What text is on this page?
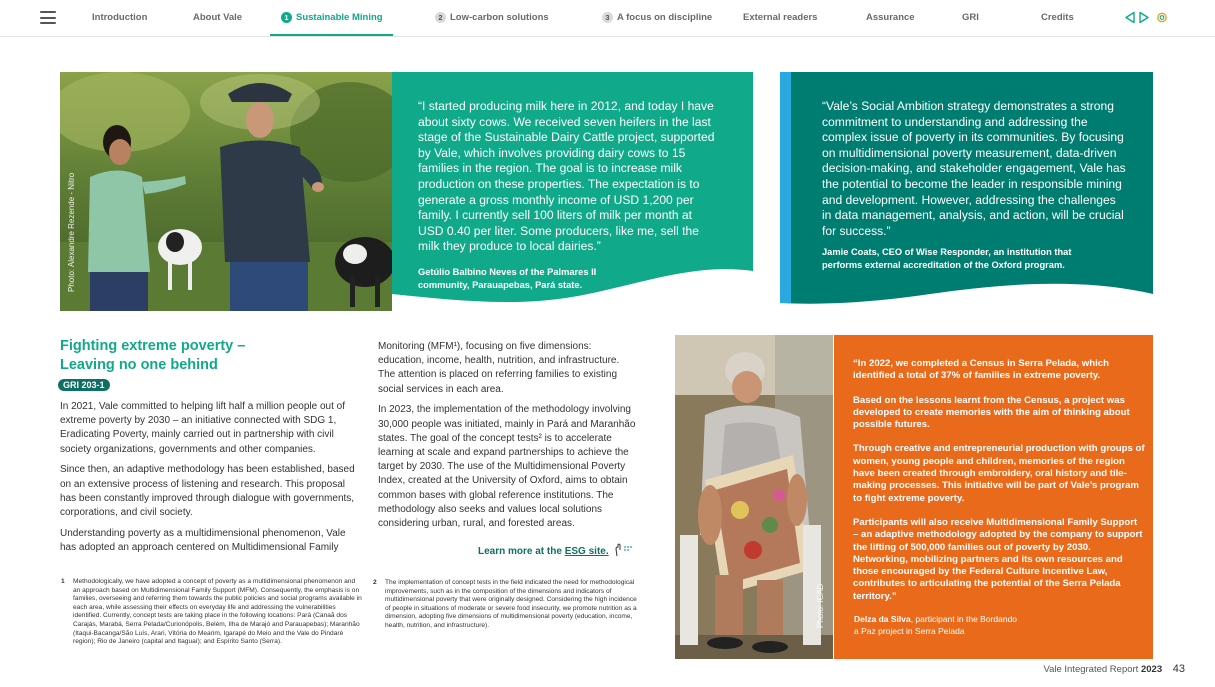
Introduction	About Vale	1 Sustainable Mining	2 Low-carbon solutions	3 A focus on discipline	External readers	Assurance	GRI	Credits
Photo: Alexandre Rezende - Nitro
“I started producing milk here in 2012, and today I have about sixty cows. We received seven heifers in the last stage of the Sustainable Dairy Cattle project, supported by Vale, which involves providing dairy cows to 15 families in the region. The goal is to increase milk production on these properties. The expectation is to generate a gross monthly income of USD 1,200 per family. I currently sell 100 liters of milk per month at USD 0.40 per liter. Some producers, like me, sell the milk they produce to local dairies.”
Getúlio Balbino Neves of the Palmares II community, Parauapebas, Pará state.
“Vale’s Social Ambition strategy demonstrates a strong commitment to understanding and addressing the complex issue of poverty in its communities. By focusing on multidimensional poverty measurement, data-driven decision-making, and stakeholder engagement, Vale has the potential to become the leader in responsible mining and development. However, addressing the challenges in data management, analysis, and action, will be crucial for success.”
Jamie Coats, CEO of Wise Responder, an institution that performs external accreditation of the Oxford program.
Fighting extreme poverty –
Leaving no one behind
GRI 203-1

In 2021, Vale committed to helping lift half a million people out of extreme poverty by 2030 – an initiative connected with SDG 1, Eradicating Poverty, mainly carried out in partnership with civil society organizations, governments and other companies.

Since then, an adaptive methodology has been established, based on an extensive process of listening and research. This proposal has been constantly improved through dialogue with governments, corporations, and civil society.

Understanding poverty as a multidimensional phenomenon, Vale has adopted an approach centered on Multidimensional Family

Monitoring (MFM¹), focusing on five dimensions: education, income, health, nutrition, and infrastructure. The attention is placed on referring families to existing social services in each area.

In 2023, the implementation of the methodology involving 30,000 people was initiated, mainly in Pará and Maranhão states. The goal of the concept tests² is to accelerate learning at scale and expand partnerships to achieve the target by 2030. The use of the Multidimensional Poverty Index, created at the University of Oxford, aims to obtain common bases with global reference institutions. The methodology also seeks and values local solutions considering urban, rural, and forested areas.

Learn more at the ESG site.
1 Methodologically, we have adopted a concept of poverty as a multidimensional phenomenon and an approach based on Multidimensional Family Support (MFM). Consequently, the emphasis is on families, overseeing and referring them towards the public policies and social programs available in each area, while assessing their effects on everyday life and addressing the vulnerabilities identified. Currently, concept tests are taking place in the following locations: Pará (Canaã dos Carajás, Marabá, Serra Pelada/Curionópolis, Belém, Ilha de Marajó and Parauapebas); Maranhão (Itaqui-Bacanga/São Luís, Arari, Vitória do Mearim, Igarapé do Meio and the Vale do Pindaré region); Rio de Janeiro (capital and Itaguaí); and Espírito Santo (Serra).
2 The implementation of concept tests in the field indicated the need for methodological improvements, such as in the composition of the dimensions and indicators of multidimensional poverty that were originally designed. Considering the high incidence of people in situations of moderate or severe food insecurity, we promote nutrition as a dimension, adopting five dimensions of multidimensional poverty (education, income, health, nutrition, and infrastructure).	Photo: ICAD

“In 2022, we completed a Census in Serra Pelada, which identified a total of 37% of families in extreme poverty.

Based on the lessons learnt from the Census, a project was developed to create memories with the aim of thinking about possible futures.

Through creative and entrepreneurial production with groups of women, young people and children, memories of the region have been created through embroidery, oral history and tile-making processes. This initiative will be part of Vale’s program to fight extreme poverty.

Participants will also receive Multidimensional Family Support – an adaptive methodology adopted by the company to support the lifting of 500,000 families out of poverty by 2030. Networking, mobilizing partners and its own resources and those encouraged by the Federal Culture Incentive Law, contributes to articulating the potential of the Serra Pelada territory.”

Delza da Silva, participant in the Bordando
a Paz project in Serra Pelada
Vale Integrated Report 2023 43
